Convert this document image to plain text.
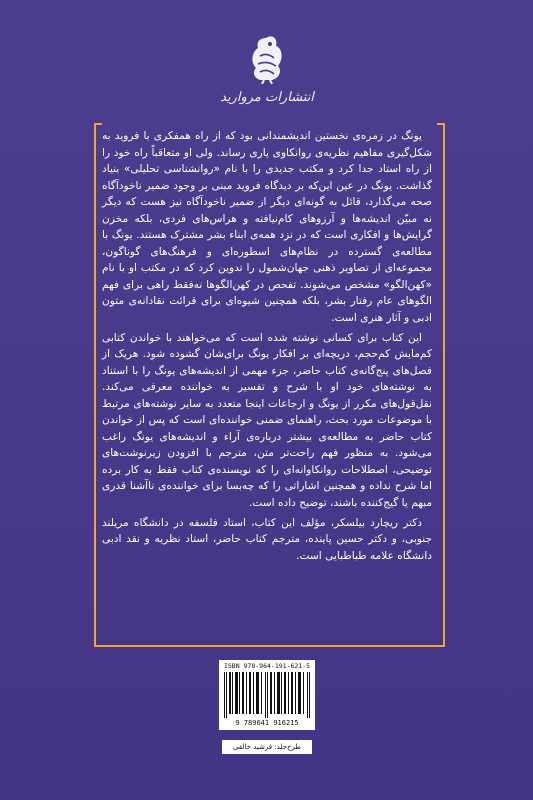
انتشارات مروارید

یونگ در زمره‌ی نخستین اندیشمندانی بود که از راه همفکری با فروید به شکل‌گیری مفاهیم نظریه‌ی روانکاوی یاری رساند. ولی او متعاقباً راه خود را از راه استاد جدا کرد و مکتب جدیدی را با نام «روانشناسی تحلیلی» بنیاد گذاشت. یونگ در عین این‌که بر دیدگاه فروید مبنی بر وجود ضمیر ناخودآگاه صحه می‌گذارد، قائل به گونه‌ای دیگر از ضمیر ناخودآگاه نیز هست که دیگر نه مبیّن اندیشه‌ها و آرزوهای کام‌نیافته و هراس‌های فردی، بلکه مخزن گرایش‌ها و افکاری است که در نزد همه‌ی ابناء بشر مشترک هستند. یونگ با مطالعه‌ی گسترده در نظام‌های اسطوره‌ای و فرهنگ‌های گوناگون، مجموعه‌ای از تصاویر ذهنی جهان‌شمول را تدوین کرد که در مکتب او با نام «کهن‌الگو» مشخص می‌شوند. تفحص در کهن‌الگوها نه‌فقط راهی برای فهم الگوهای عام رفتار بشر، بلکه همچنین شیوه‌ای برای قرائت نقادانه‌ی متون ادبی و آثار هنری است.

این کتاب برای کسانی نوشته شده است که می‌خواهند با خواندن کتابی کم‌مایش کم‌حجم، دریچه‌ای بر افکار یونگ برای‌شان گشوده شود. هریک از فصل‌های پنج‌گانه‌ی کتاب حاضر، جزء مهمی از اندیشه‌های یونگ را با استناد به نوشته‌های خود او با شرح و تفسیر به خواننده معرفی می‌کند. نقل‌قول‌های مکرر از یونگ و ارجاعات اینجا متعدد به سایر نوشته‌های مرتبط با موضوعات مورد بحث، راهنمای ضمنی خواننده‌ای است که پس از خواندن کتاب حاضر به مطالعه‌ی بیشتر درباره‌ی آراء و اندیشه‌های یونگ راغب می‌شود. به منظور فهم راحت‌تر متن، مترجم با افزودن زیرنوشت‌های توضیحی، اصطلاحات روانکاوانه‌ای را که نویسنده‌ی کتاب فقط به کار برده اما شرح نداده و همچنین اشاراتی را که چه‌بسا برای خواننده‌ی ناآشنا قدری مبهم یا گیج‌کننده باشند، توضیح داده است.

دکتر ریچارد بیلسکر، مؤلف این کتاب، استاد فلسفه در دانشگاه مریلند جنوبی، و دکتر حسین پاینده، مترجم کتاب حاضر، استاد نظریه و نقد ادبی دانشگاه علامه طباطبایی است.

ISBN 978-964-191-621-5
9 789641 916215
طرح‌جلد: فرشید خالقی
